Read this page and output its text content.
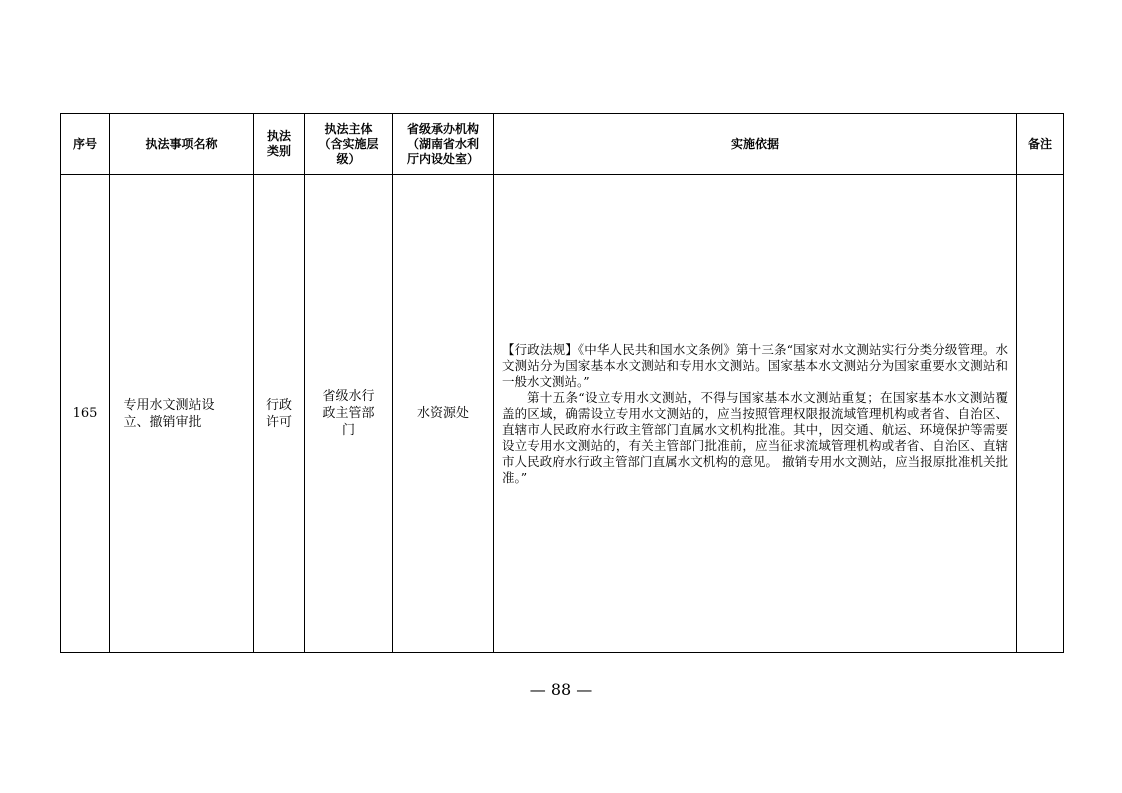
序号	执法事项名称	执法类别	执法主体（含实施层级）	省级承办机构（湖南省水利厅内设处室）	实施依据	备注
165	专用水文测站设立、撤销审批	行政许可	省级水行政主管部门	水资源处	【行政法规】《中华人民共和国水文条例》第十三条“国家对水文测站实行分类分级管理。水文测站分为国家基本水文测站和专用水文测站。国家基本水文测站分为国家重要水文测站和一般水文测站。”

第十五条“设立专用水文测站，不得与国家基本水文测站重复；在国家基本水文测站覆盖的区域，确需设立专用水文测站的，应当按照管理权限报流域管理机构或者省、自治区、直辖市人民政府水行政主管部门直属水文机构批准。其中，因交通、航运、环境保护等需要设立专用水文测站的，有关主管部门批准前，应当征求流域管理机构或者省、自治区、直辖市人民政府水行政主管部门直属水文机构的意见。 撤销专用水文测站，应当报原批准机关批准。”	

— 88 —
